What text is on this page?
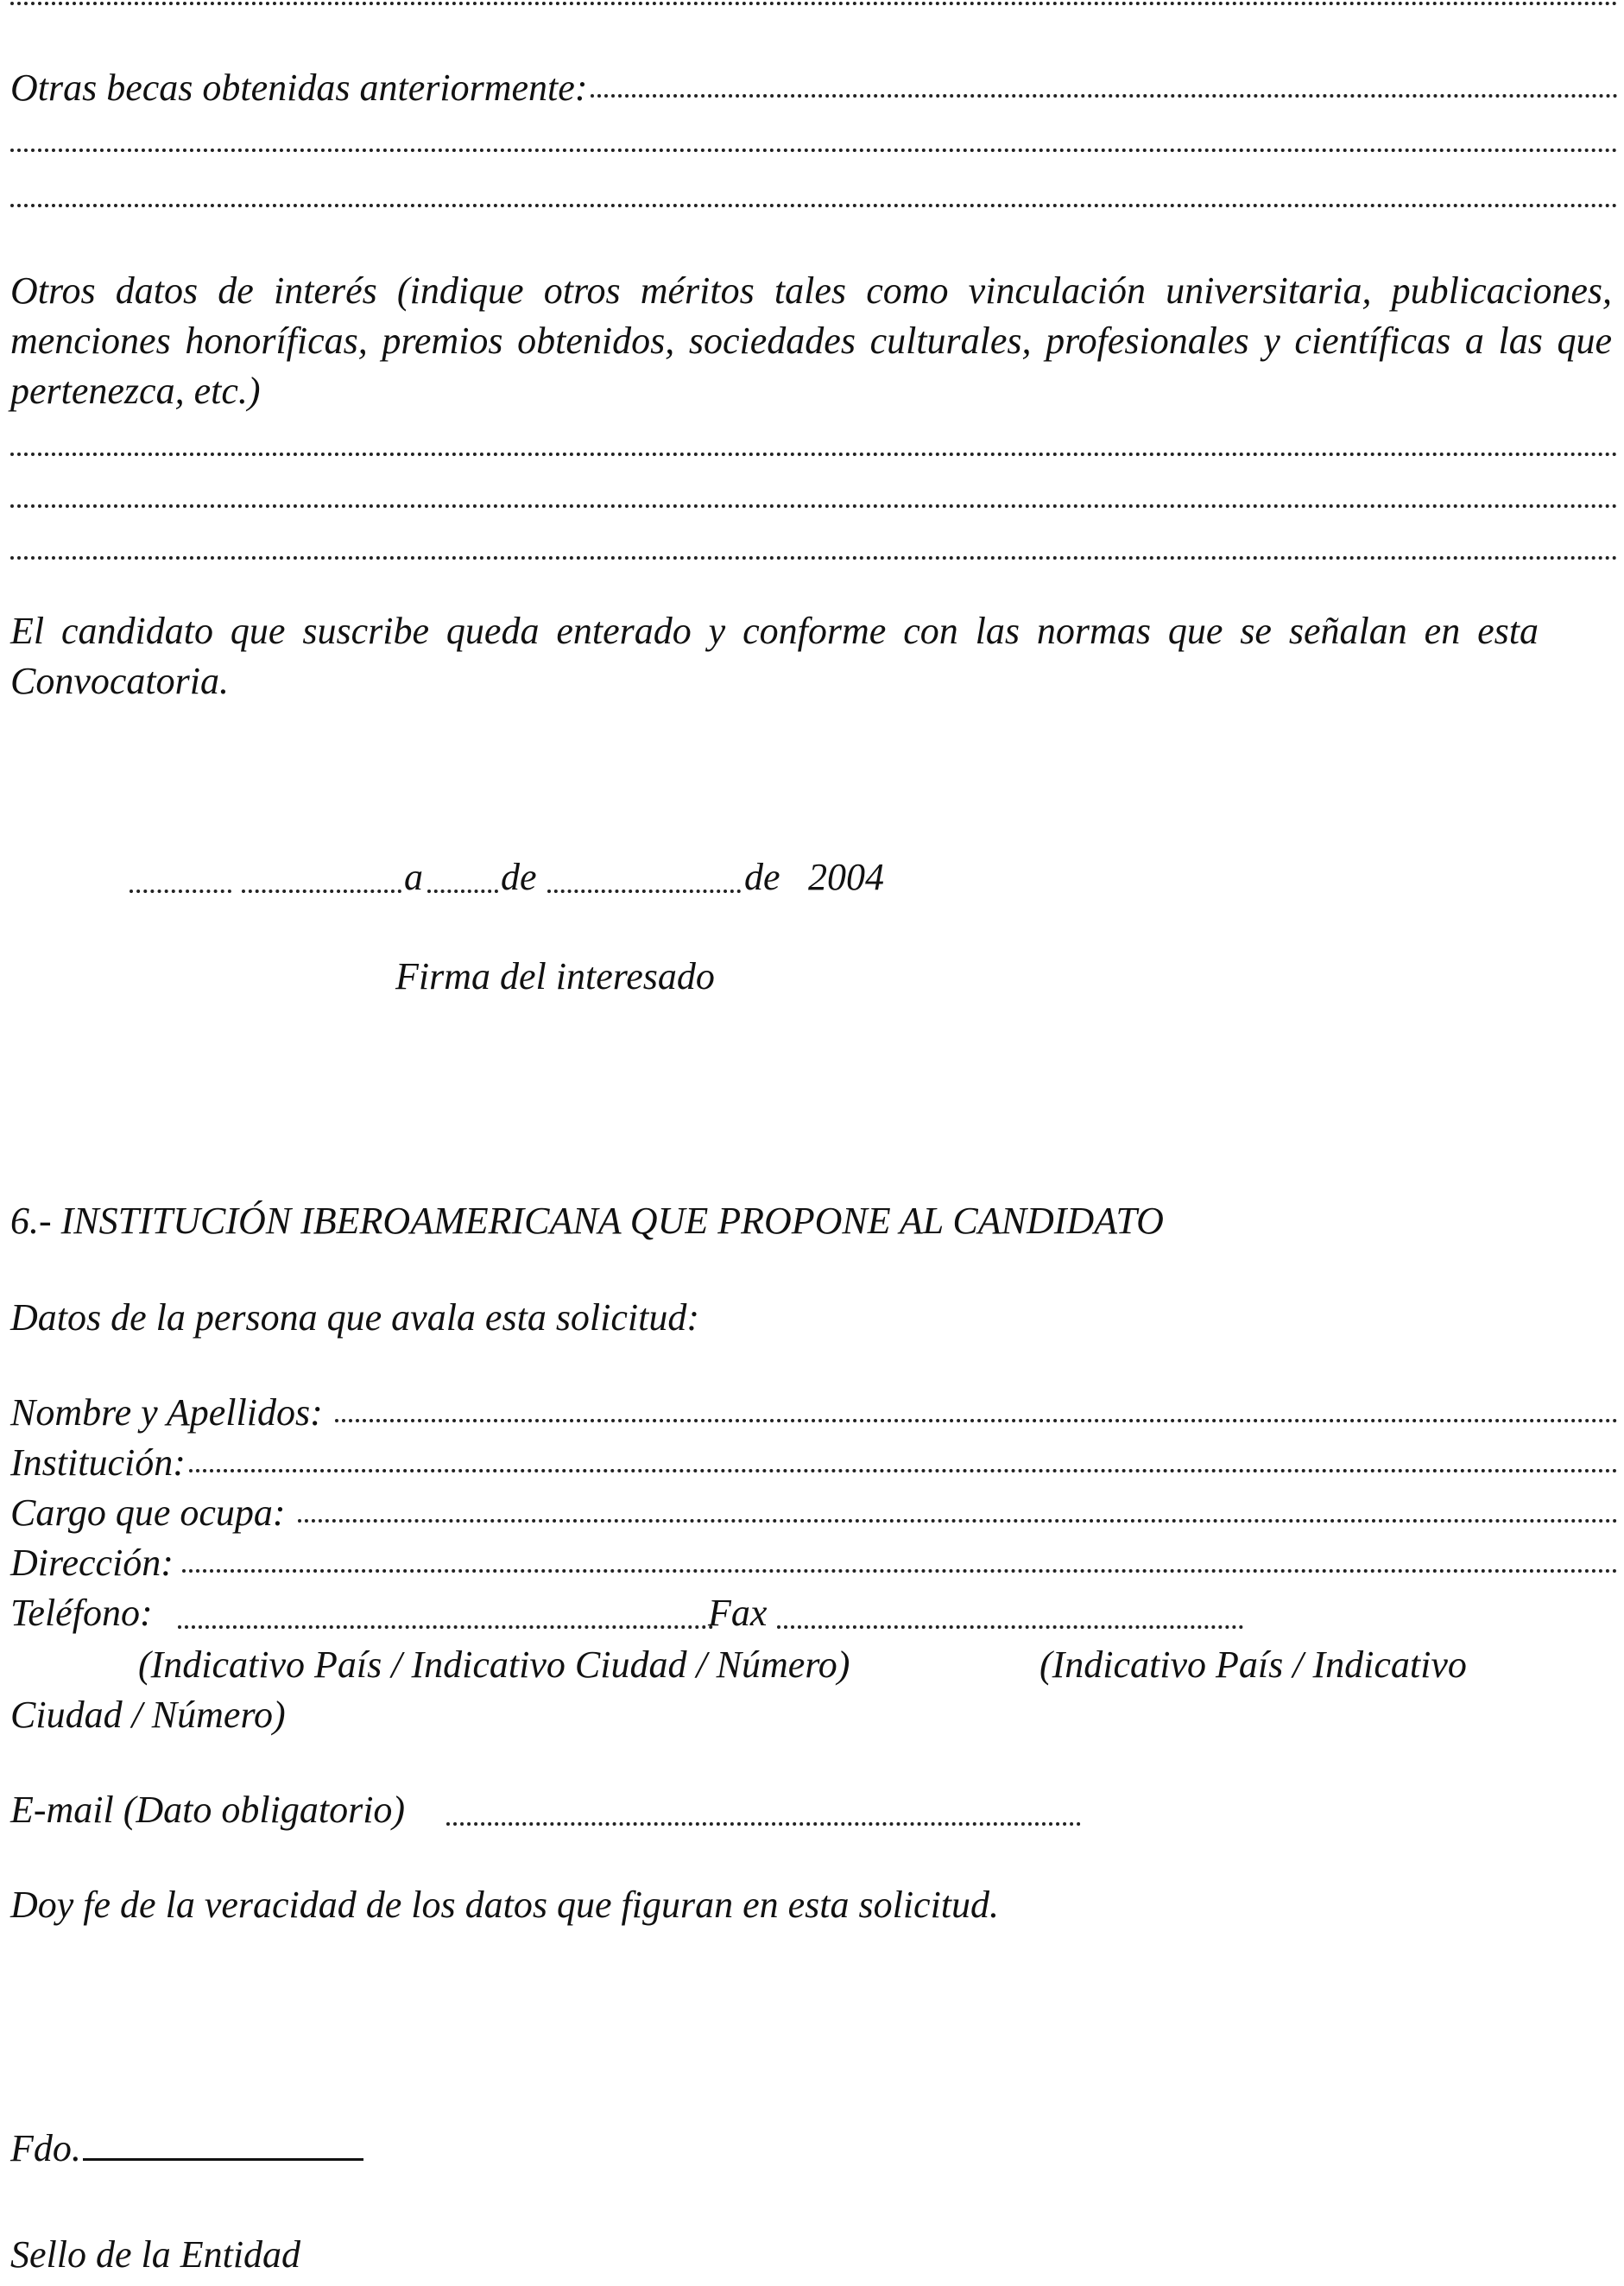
Otras becas obtenidas anteriormente:
Otros datos de interés (indique otros méritos tales como vinculación universitaria, publicaciones, menciones honoríficas, premios obtenidos, sociedades culturales, profesionales y científicas a las que pertenezca, etc.)
El candidato que suscribe queda enterado y conforme con las normas que se señalan en esta Convocatoria.
a de	de 2004
Firma del interesado
6.- INSTITUCIÓN IBEROAMERICANA QUE PROPONE AL CANDIDATO
Datos de la persona que avala esta solicitud:
Nombre y Apellidos:
Institución:
Cargo que ocupa:
Dirección:
Teléfono:	Fax
(Indicativo País / Indicativo Ciudad / Número)	(Indicativo País / Indicativo
Ciudad / Número)
E-mail (Dato obligatorio)
Doy fe de la veracidad de los datos que figuran en esta solicitud.
Fdo.
Sello de la Entidad
